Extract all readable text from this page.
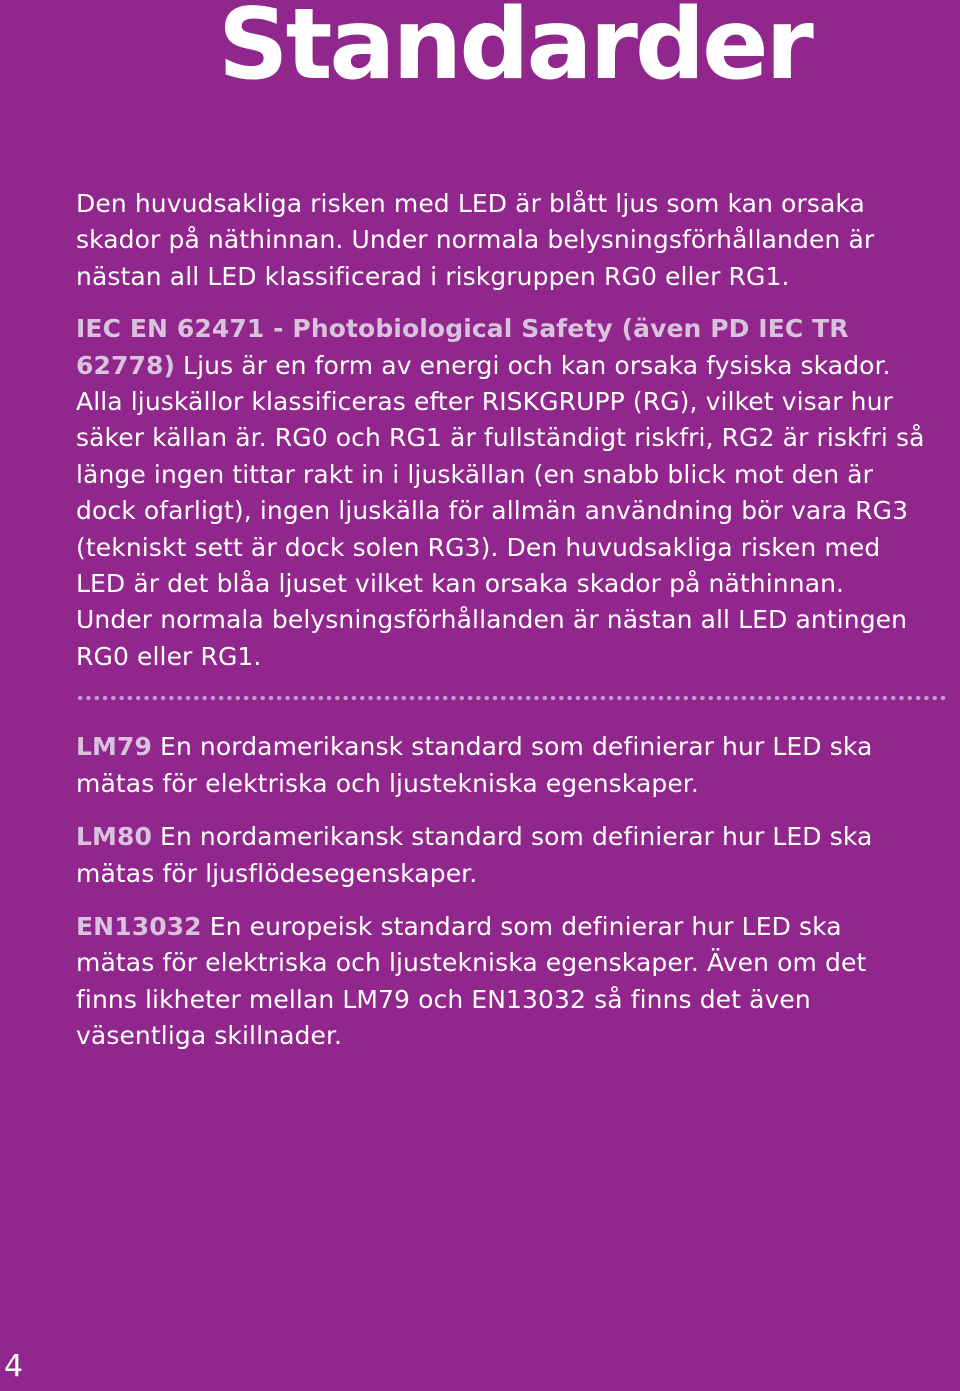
Standarder

Den huvudsakliga risken med LED är blått ljus som kan orsaka skador på näthinnan. Under normala belysningsförhållanden är nästan all LED klassificerad i riskgruppen RG0 eller RG1.

IEC EN 62471 - Photobiological Safety (även PD IEC TR 62778) Ljus är en form av energi och kan orsaka fysiska skador. Alla ljuskällor klassificeras efter RISKGRUPP (RG), vilket visar hur säker källan är. RG0 och RG1 är fullständigt riskfri, RG2 är riskfri så länge ingen tittar rakt in i ljuskällan (en snabb blick mot den är dock ofarligt), ingen ljuskälla för allmän användning bör vara RG3 (tekniskt sett är dock solen RG3). Den huvudsakliga risken med LED är det blåa ljuset vilket kan orsaka skador på näthinnan. Under normala belysningsförhållanden är nästan all LED antingen RG0 eller RG1.

LM79 En nordamerikansk standard som definierar hur LED ska mätas för elektriska och ljustekniska egenskaper.

LM80 En nordamerikansk standard som definierar hur LED ska mätas för ljusflödesegenskaper.

EN13032 En europeisk standard som definierar hur LED ska mätas för elektriska och ljustekniska egenskaper. Även om det finns likheter mellan LM79 och EN13032 så finns det även väsentliga skillnader.

4
